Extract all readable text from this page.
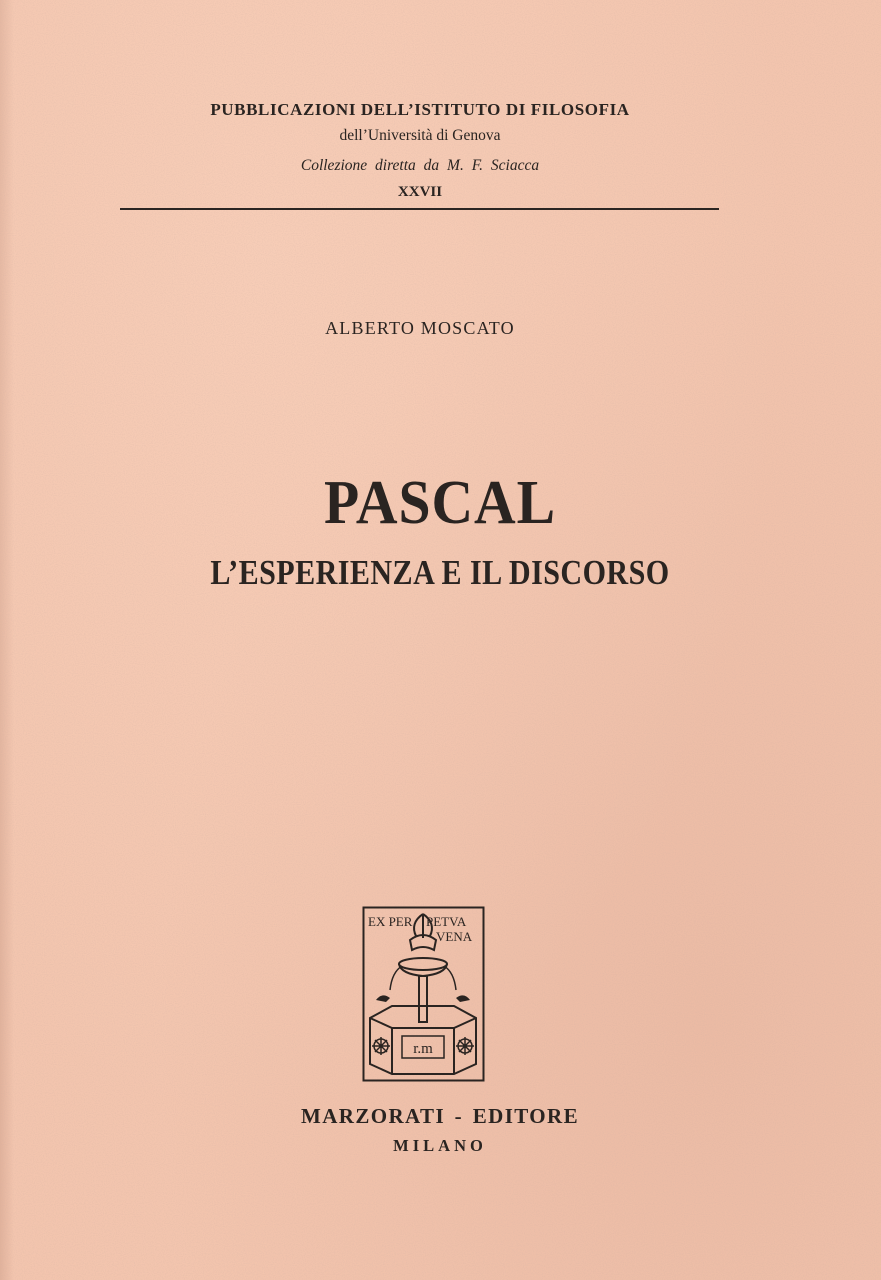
PUBBLICAZIONI DELL’ISTITUTO DI FILOSOFIA
dell’Università di Genova
Collezione diretta da M. F. Sciacca
XXVII
ALBERTO MOSCATO
PASCAL
L’ESPERIENZA E IL DISCORSO
EX PER PETVA
VENA
r.m
MARZORATI - EDITORE
MILANO
